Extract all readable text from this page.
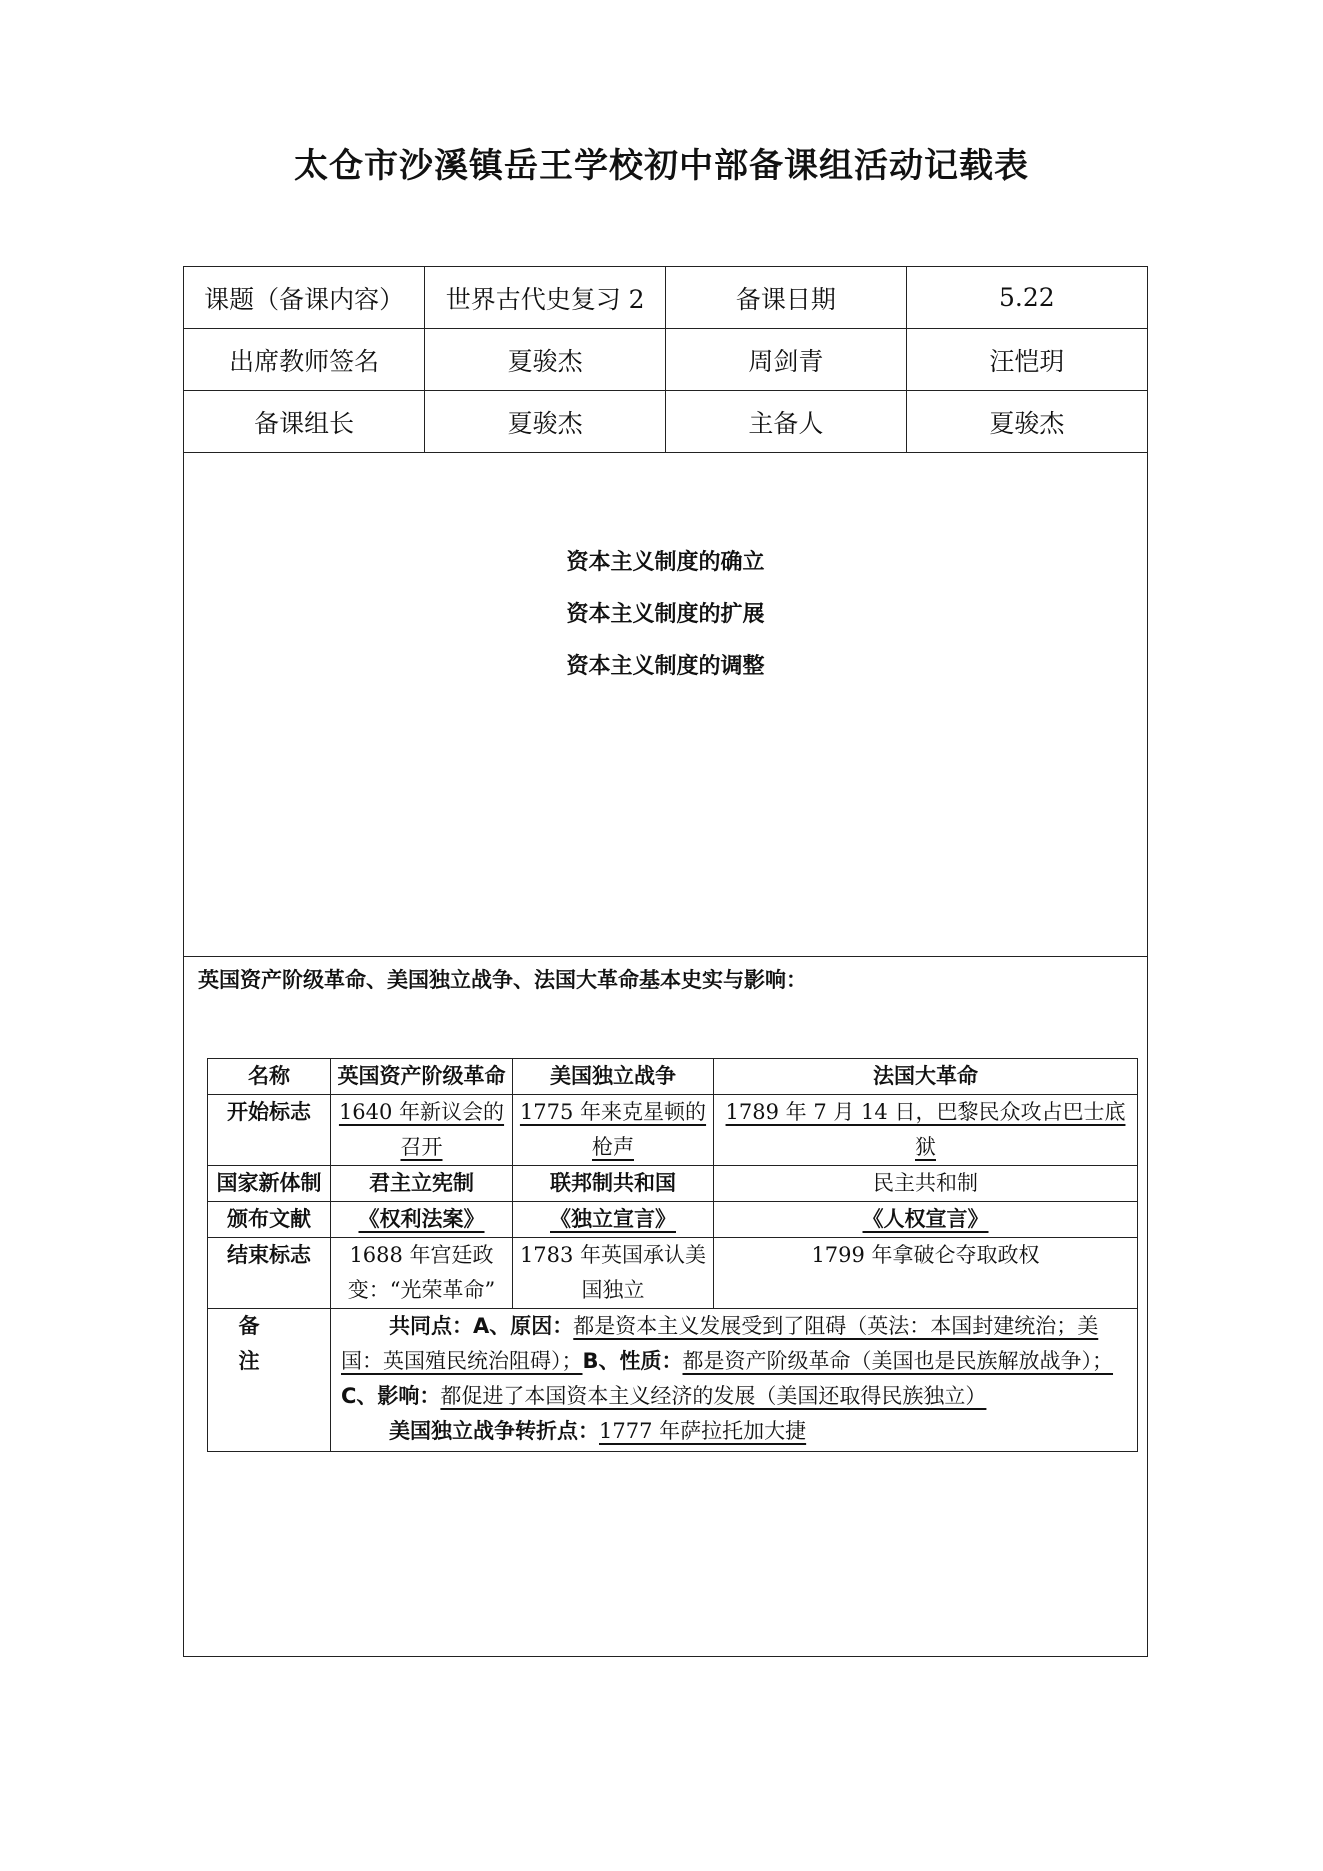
太仓市沙溪镇岳王学校初中部备课组活动记载表
课题（备课内容）	世界古代史复习 2	备课日期	5.22
出席教师签名	夏骏杰	周剑青	汪恺玥
备课组长	夏骏杰	主备人	夏骏杰
资本主义制度的确立
资本主义制度的扩展
资本主义制度的调整
英国资产阶级革命、美国独立战争、法国大革命基本史实与影响：
名称	英国资产阶级革命	美国独立战争	法国大革命
开始标志	1640 年新议会的召开	1775 年来克星顿的枪声	1789 年 7 月 14 日，巴黎民众攻占巴士底狱
国家新体制	君主立宪制	联邦制共和国	民主共和制
颁布文献	《权利法案》	《独立宣言》	《人权宣言》
结束标志	1688 年宫廷政变：“光荣革命”	1783 年英国承认美国独立	1799 年拿破仑夺取政权
备注	共同点：A、原因：都是资本主义发展受到了阻碍（英法：本国封建统治；美国：英国殖民统治阻碍）；B、性质：都是资产阶级革命（美国也是民族解放战争）；C、影响：都促进了本国资本主义经济的发展（美国还取得民族独立）
美国独立战争转折点：1777 年萨拉托加大捷		
